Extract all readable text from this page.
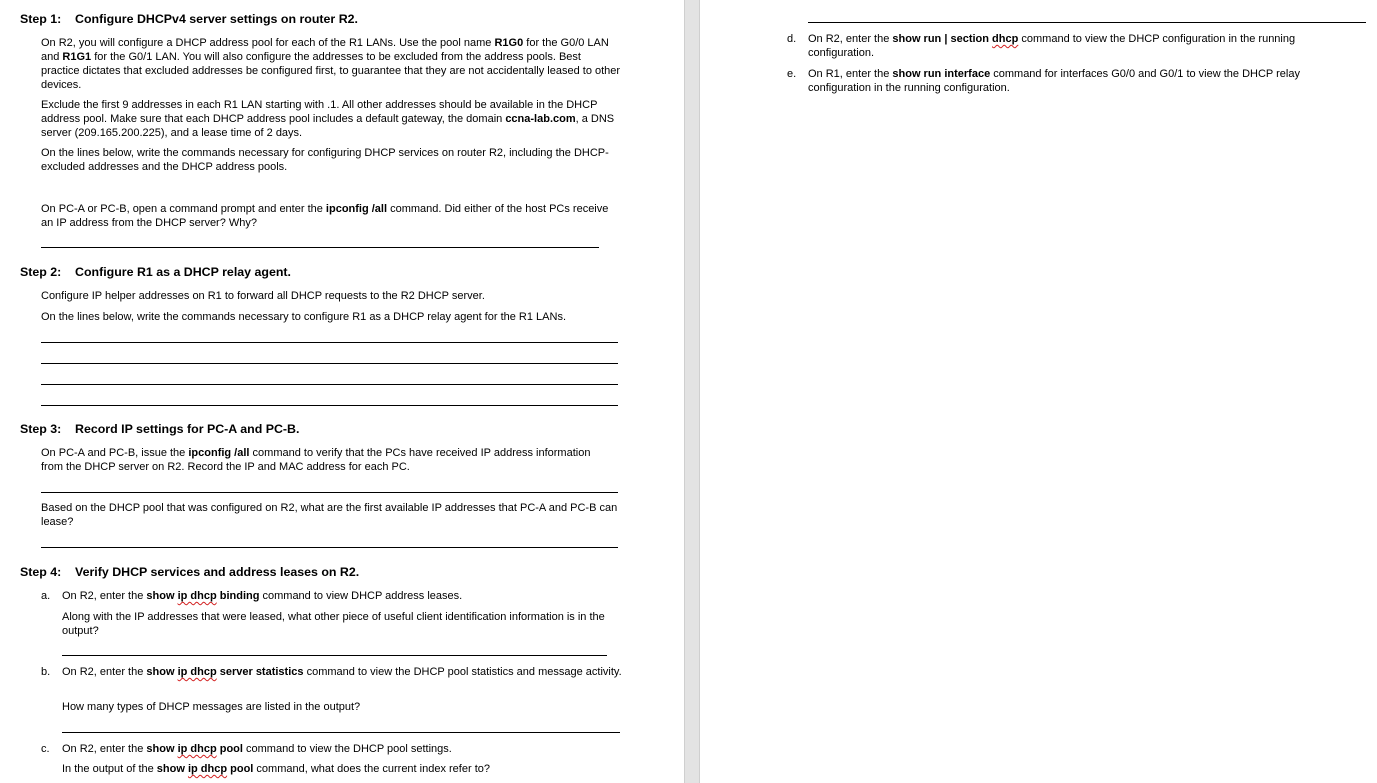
Step 1: Configure DHCPv4 server settings on router R2.

On R2, you will configure a DHCP address pool for each of the R1 LANs. Use the pool name R1G0 for the G0/0 LAN and R1G1 for the G0/1 LAN. You will also configure the addresses to be excluded from the address pools. Best practice dictates that excluded addresses be configured first, to guarantee that they are not accidentally leased to other devices.

Exclude the first 9 addresses in each R1 LAN starting with .1. All other addresses should be available in the DHCP address pool. Make sure that each DHCP address pool includes a default gateway, the domain ccna-lab.com, a DNS server (209.165.200.225), and a lease time of 2 days.

On the lines below, write the commands necessary for configuring DHCP services on router R2, including the DHCP-excluded addresses and the DHCP address pools.

On PC-A or PC-B, open a command prompt and enter the ipconfig /all command. Did either of the host PCs receive an IP address from the DHCP server? Why?

Step 2: Configure R1 as a DHCP relay agent.

Configure IP helper addresses on R1 to forward all DHCP requests to the R2 DHCP server.

On the lines below, write the commands necessary to configure R1 as a DHCP relay agent for the R1 LANs.

Step 3: Record IP settings for PC-A and PC-B.

On PC-A and PC-B, issue the ipconfig /all command to verify that the PCs have received IP address information from the DHCP server on R2. Record the IP and MAC address for each PC.

Based on the DHCP pool that was configured on R2, what are the first available IP addresses that PC-A and PC-B can lease?

Step 4: Verify DHCP services and address leases on R2.
a. On R2, enter the show ip dhcp binding command to view DHCP address leases.

Along with the IP addresses that were leased, what other piece of useful client identification information is in the output?

b. On R2, enter the show ip dhcp server statistics command to view the DHCP pool statistics and message activity.

How many types of DHCP messages are listed in the output?

c. On R2, enter the show ip dhcp pool command to view the DHCP pool settings.

In the output of the show ip dhcp pool command, what does the current index refer to?

d. On R2, enter the show run | section dhcp command to view the DHCP configuration in the running configuration.

e. On R1, enter the show run interface command for interfaces G0/0 and G0/1 to view the DHCP relay configuration in the running configuration.
